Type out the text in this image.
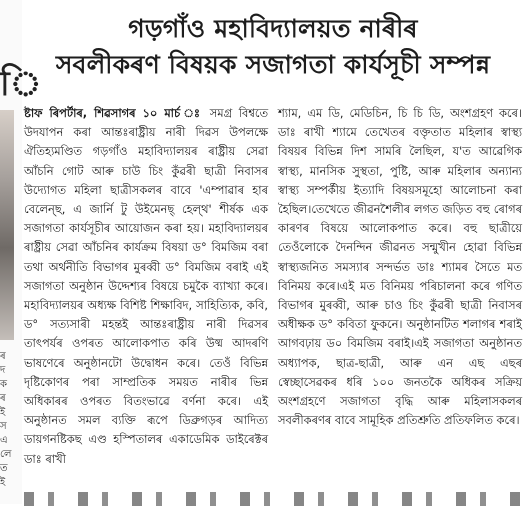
ি
ৰ
দ
ক
ৰ
ই
স
এ
লে
ত
ই
গড়গাঁও মহাবিদ্যালয়ত নাৰীৰ
সবলীকৰণ বিষয়ক সজাগতা কাৰ্যসূচী সম্পন্ন
ষ্টাফ ৰিপৰ্টাৰ, শিৱসাগৰ ১০ মাৰ্চ ঃ সমগ্ৰ বিশ্বতে উদযাপন কৰা আন্তঃৰাষ্ট্ৰীয় নাৰী দিৱস উপলক্ষে ঐতিহ্যমণ্ডিত গড়গাঁও মহাবিদ্যালয়ৰ ৰাষ্ট্ৰীয় সেৱা আঁচনি গোট আৰু চাউ চিং কুঁৱৰী ছাত্ৰী নিবাসৰ উদ্যোগত মহিলা ছাত্ৰীসকলৰ বাবে 'এম্পাৱাৰ হাৰ বেলেন্‌ছ, এ জাৰ্নি টু উইমেনছ্ হেল্থ' শীৰ্ষক এক সজাগতা কাৰ্যসূচীৰ আয়োজন কৰা হয়। মহাবিদ্যালয়ৰ ৰাষ্ট্ৰীয় সেৱা আঁচনিৰ কাৰ্যক্ৰম বিষয়া ড° বিমজিম বৰা তথা অৰ্থনীতি বিভাগৰ মুৰব্বী ড° বিমজিম বৰাই এই সজাগতা অনুষ্ঠান উদ্দেশ্যৰ বিষয়ে চমুকৈ ব্যাখ্যা কৰে। মহাবিদ্যালয়ৰ অধ্যক্ষ বিশিষ্ট শিক্ষাবিদ, সাহিত্যিক, কবি, ড° সত্যসাৰী মহন্তই আন্তঃৰাষ্ট্ৰীয় নাৰী দিৱসৰ তাৎপৰ্যৰ ওপৰত আলোকপাত কৰি উষ্ম আদৰণি ভাষণেৰে অনুষ্ঠানটো উদ্বোধন কৰে। তেওঁ বিভিন্ন দৃষ্টিকোণৰ পৰা সাম্প্ৰতিক সময়ত নাৰীৰ ভিন্ন অধিকাৰৰ ওপৰত বিতংভাৱে বৰ্ণনা কৰে। এই অনুষ্ঠানত সমল ব্যক্তি ৰূপে ডিব্ৰুগড়ৰ আদিত্য ডায়গনষ্টিকছ এণ্ড হস্পিতালৰ একাডেমিক ডাইৰেক্টৰ ডাঃ ৰাখী
শ্যাম, এম ডি, মেডিচিন, চি চি ডি, অংশগ্ৰহণ কৰে। ডাঃ ৰাখী শ্যামে তেখেতৰ বক্তৃতাত মহিলাৰ স্বাস্থ্য বিষয়ৰ বিভিন্ন দিশ সামৰি লৈছিল, য'ত আৱেগিক স্বাস্থ্য, মানসিক সুস্থতা, পুষ্টি, আৰু মহিলাৰ অন্যান্য স্বাস্থ্য সম্পৰ্কীয় ইত্যাদি বিষয়সমূহো আলোচনা কৰা হৈছিল।তেখেতে জীৱনশৈলীৰ লগত জড়িত বহু ৰোগৰ কাৰণৰ বিষয়ে আলোকপাত কৰে। বহু ছাত্ৰীয়ে তেওঁলোকে দৈনন্দিন জীৱনত সন্মুখীন হোৱা বিভিন্ন স্বাস্থ্যজনিত সমস্যাৰ সন্দৰ্ভত ডাঃ শ্যামৰ সৈতে মত বিনিময় কৰে।এই মত বিনিময় পৰিচালনা কৰে গণিত বিভাগৰ মুৰব্বী, আৰু চাও চিং কুঁৱৰী ছাত্ৰী নিবাসৰ অধীক্ষক ড° কবিতা ফুকনে। অনুষ্ঠানটিত শলাগৰ শৰাই আগবঢ়ায় ড০ বিমজিম বৰাই।এই সজাগতা অনুষ্ঠানত অধ্যাপক, ছাত্ৰ-ছাত্ৰী, আৰু এন এছ এছৰ স্বেচ্ছাসেৱকৰ ধৰি ১০০ জনতকৈ অধিকৰ সক্ৰিয় অংশগ্ৰহণে সজাগতা বৃদ্ধি আৰু মহিলাসকলৰ সবলীকৰণৰ বাবে সামূহিক প্ৰতিশ্ৰুতি প্ৰতিফলিত কৰে।
